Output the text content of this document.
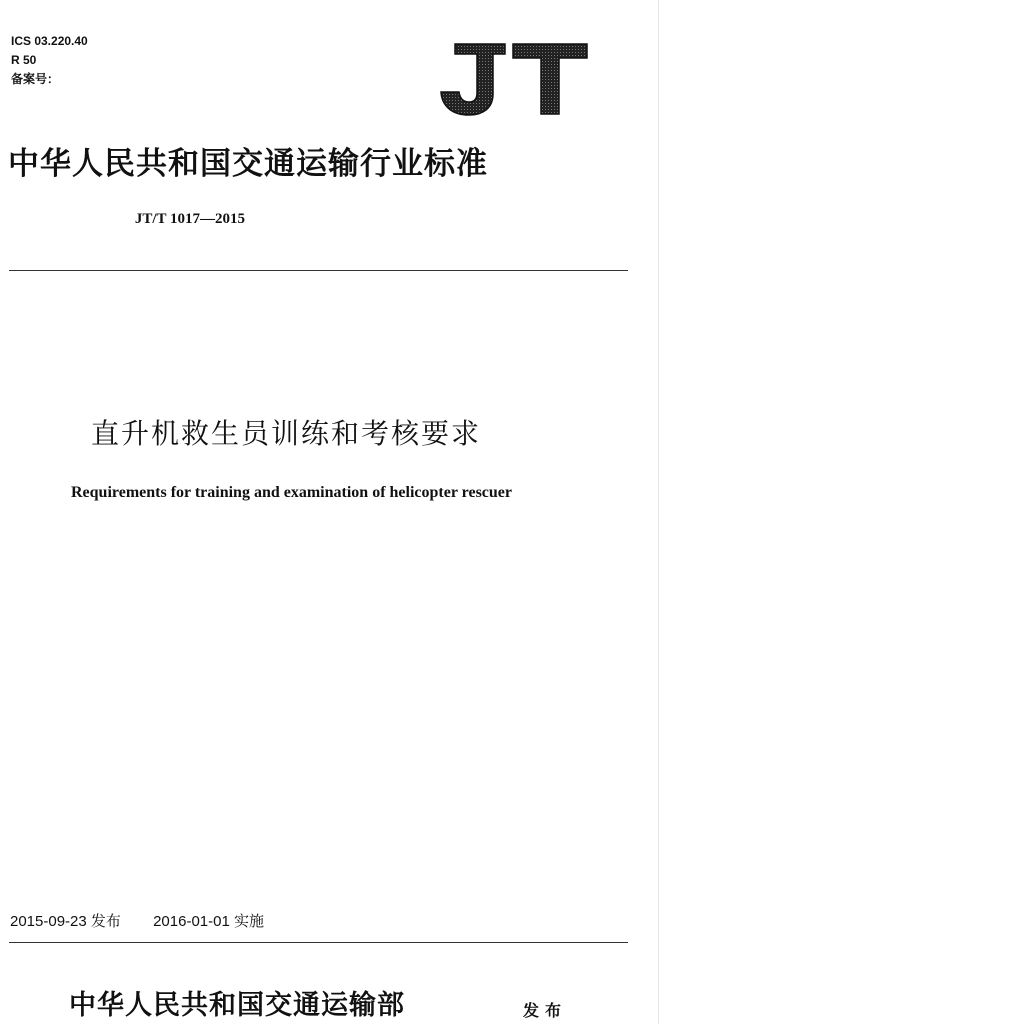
ICS 03.220.40
R 50
备案号：
JT
中华人民共和国交通运输行业标准
JT/T 1017—2015
直升机救生员训练和考核要求
Requirements for training and examination of helicopter rescuer
2015-09-23 发布 2016-01-01 实施
中华人民共和国交通运输部	发布
